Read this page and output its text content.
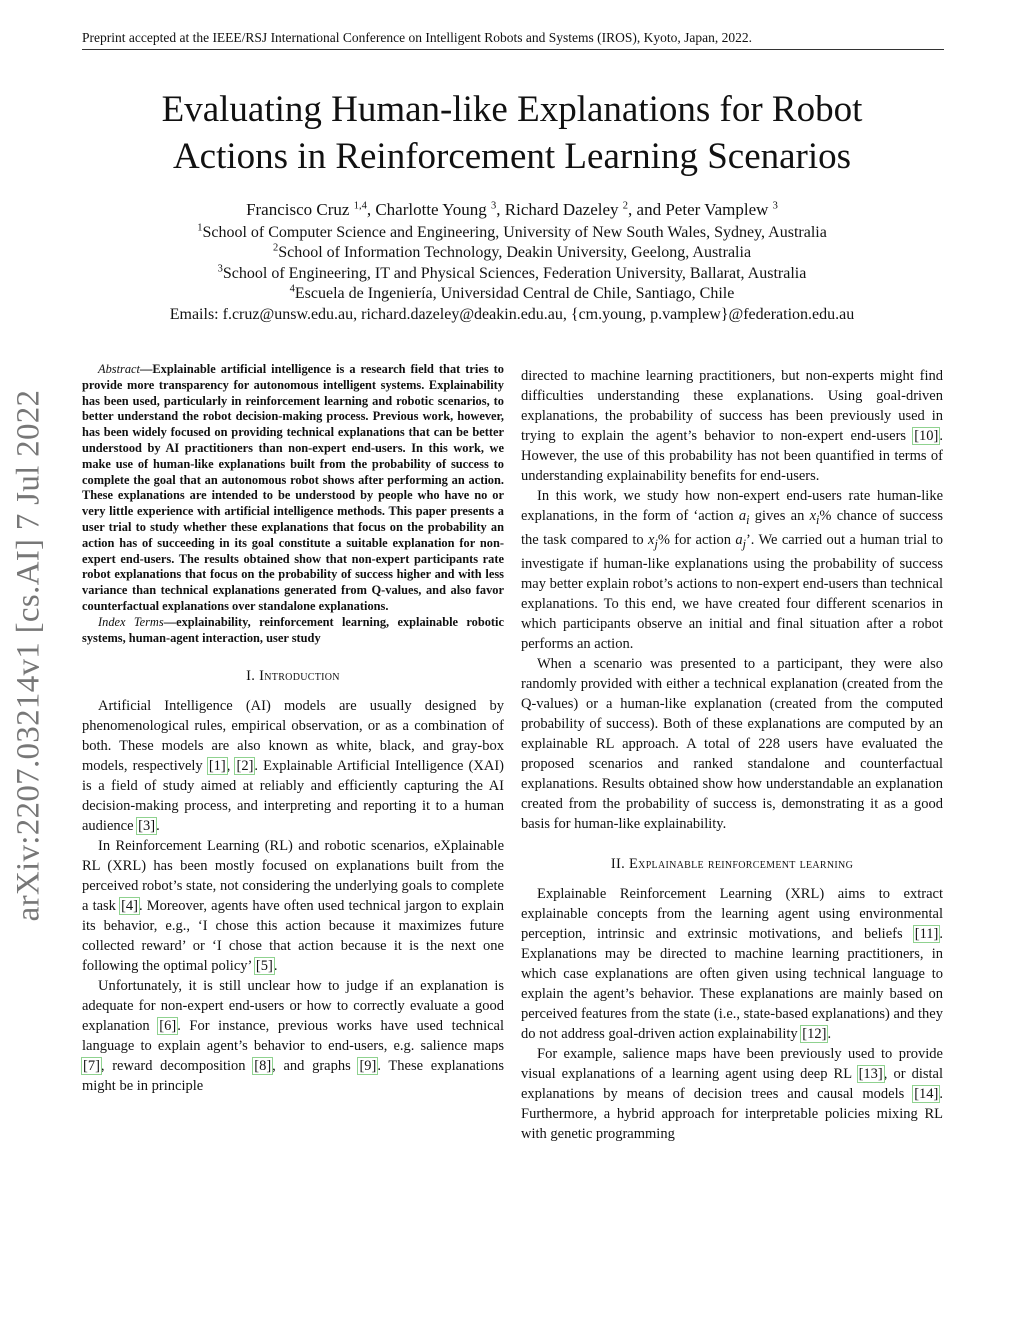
Preprint accepted at the IEEE/RSJ International Conference on Intelligent Robots and Systems (IROS), Kyoto, Japan, 2022.
Evaluating Human-like Explanations for Robot
Actions in Reinforcement Learning Scenarios
Francisco Cruz $^{1,4}$, Charlotte Young $^3$, Richard Dazeley $^2$, and Peter Vamplew $^3$
$^1$School of Computer Science and Engineering, University of New South Wales, Sydney, Australia
$^2$School of Information Technology, Deakin University, Geelong, Australia
$^3$School of Engineering, IT and Physical Sciences, Federation University, Ballarat, Australia
$^4$Escuela de Ingeniería, Universidad Central de Chile, Santiago, Chile
Emails: f.cruz@unsw.edu.au, richard.dazeley@deakin.edu.au, {cm.young, p.vamplew}@federation.edu.au
arXiv:2207.03214v1 [cs.AI] 7 Jul 2022

Abstract—Explainable artificial intelligence is a research field that tries to provide more transparency for autonomous intelligent systems. Explainability has been used, particularly in reinforcement learning and robotic scenarios, to better understand the robot decision-making process. Previous work, however, has been widely focused on providing technical explanations that can be better understood by AI practitioners than non-expert end-users. In this work, we make use of human-like explanations built from the probability of success to complete the goal that an autonomous robot shows after performing an action. These explanations are intended to be understood by people who have no or very little experience with artificial intelligence methods. This paper presents a user trial to study whether these explanations that focus on the probability an action has of succeeding in its goal constitute a suitable explanation for non-expert end-users. The results obtained show that non-expert participants rate robot explanations that focus on the probability of success higher and with less variance than technical explanations generated from Q-values, and also favor counterfactual explanations over standalone explanations.

Index Terms—explainability, reinforcement learning, explainable robotic systems, human-agent interaction, user study

I. Introduction

Artificial Intelligence (AI) models are usually designed by phenomenological rules, empirical observation, or as a combination of both. These models are also known as white, black, and gray-box models, respectively [1], [2]. Explainable Artificial Intelligence (XAI) is a field of study aimed at reliably and efficiently capturing the AI decision-making process, and interpreting and reporting it to a human audience [3].

In Reinforcement Learning (RL) and robotic scenarios, eXplainable RL (XRL) has been mostly focused on explanations built from the perceived robot’s state, not considering the underlying goals to complete a task [4]. Moreover, agents have often used technical jargon to explain its behavior, e.g., ‘I chose this action because it maximizes future collected reward’ or ‘I chose that action because it is the next one following the optimal policy’ [5].

Unfortunately, it is still unclear how to judge if an explanation is adequate for non-expert end-users or how to correctly evaluate a good explanation [6]. For instance, previous works have used technical language to explain agent’s behavior to end-users, e.g. salience maps [7], reward decomposition [8], and graphs [9]. These explanations might be in principle

directed to machine learning practitioners, but non-experts might find difficulties understanding these explanations. Using goal-driven explanations, the probability of success has been previously used in trying to explain the agent’s behavior to non-expert end-users [10]. However, the use of this probability has not been quantified in terms of understanding explainability benefits for end-users.

In this work, we study how non-expert end-users rate human-like explanations, in the form of ‘action $a_i$ gives an $x_i\%$ chance of success the task compared to $x_j\%$ for action $a_j$’. We carried out a human trial to investigate if human-like explanations using the probability of success may better explain robot’s actions to non-expert end-users than technical explanations. To this end, we have created four different scenarios in which participants observe an initial and final situation after a robot performs an action.

When a scenario was presented to a participant, they were also randomly provided with either a technical explanation (created from the Q-values) or a human-like explanation (created from the computed probability of success). Both of these explanations are computed by an explainable RL approach. A total of 228 users have evaluated the proposed scenarios and ranked standalone and counterfactual explanations. Results obtained show how understandable an explanation created from the probability of success is, demonstrating it as a good basis for human-like explainability.

II. Explainable reinforcement learning

Explainable Reinforcement Learning (XRL) aims to extract explainable concepts from the learning agent using environmental perception, intrinsic and extrinsic motivations, and beliefs [11]. Explanations may be directed to machine learning practitioners, in which case explanations are often given using technical language to explain the agent’s behavior. These explanations are mainly based on perceived features from the state (i.e., state-based explanations) and they do not address goal-driven action explainability [12].

For example, salience maps have been previously used to provide visual explanations of a learning agent using deep RL [13], or distal explanations by means of decision trees and causal models [14]. Furthermore, a hybrid approach for interpretable policies mixing RL with genetic programming
